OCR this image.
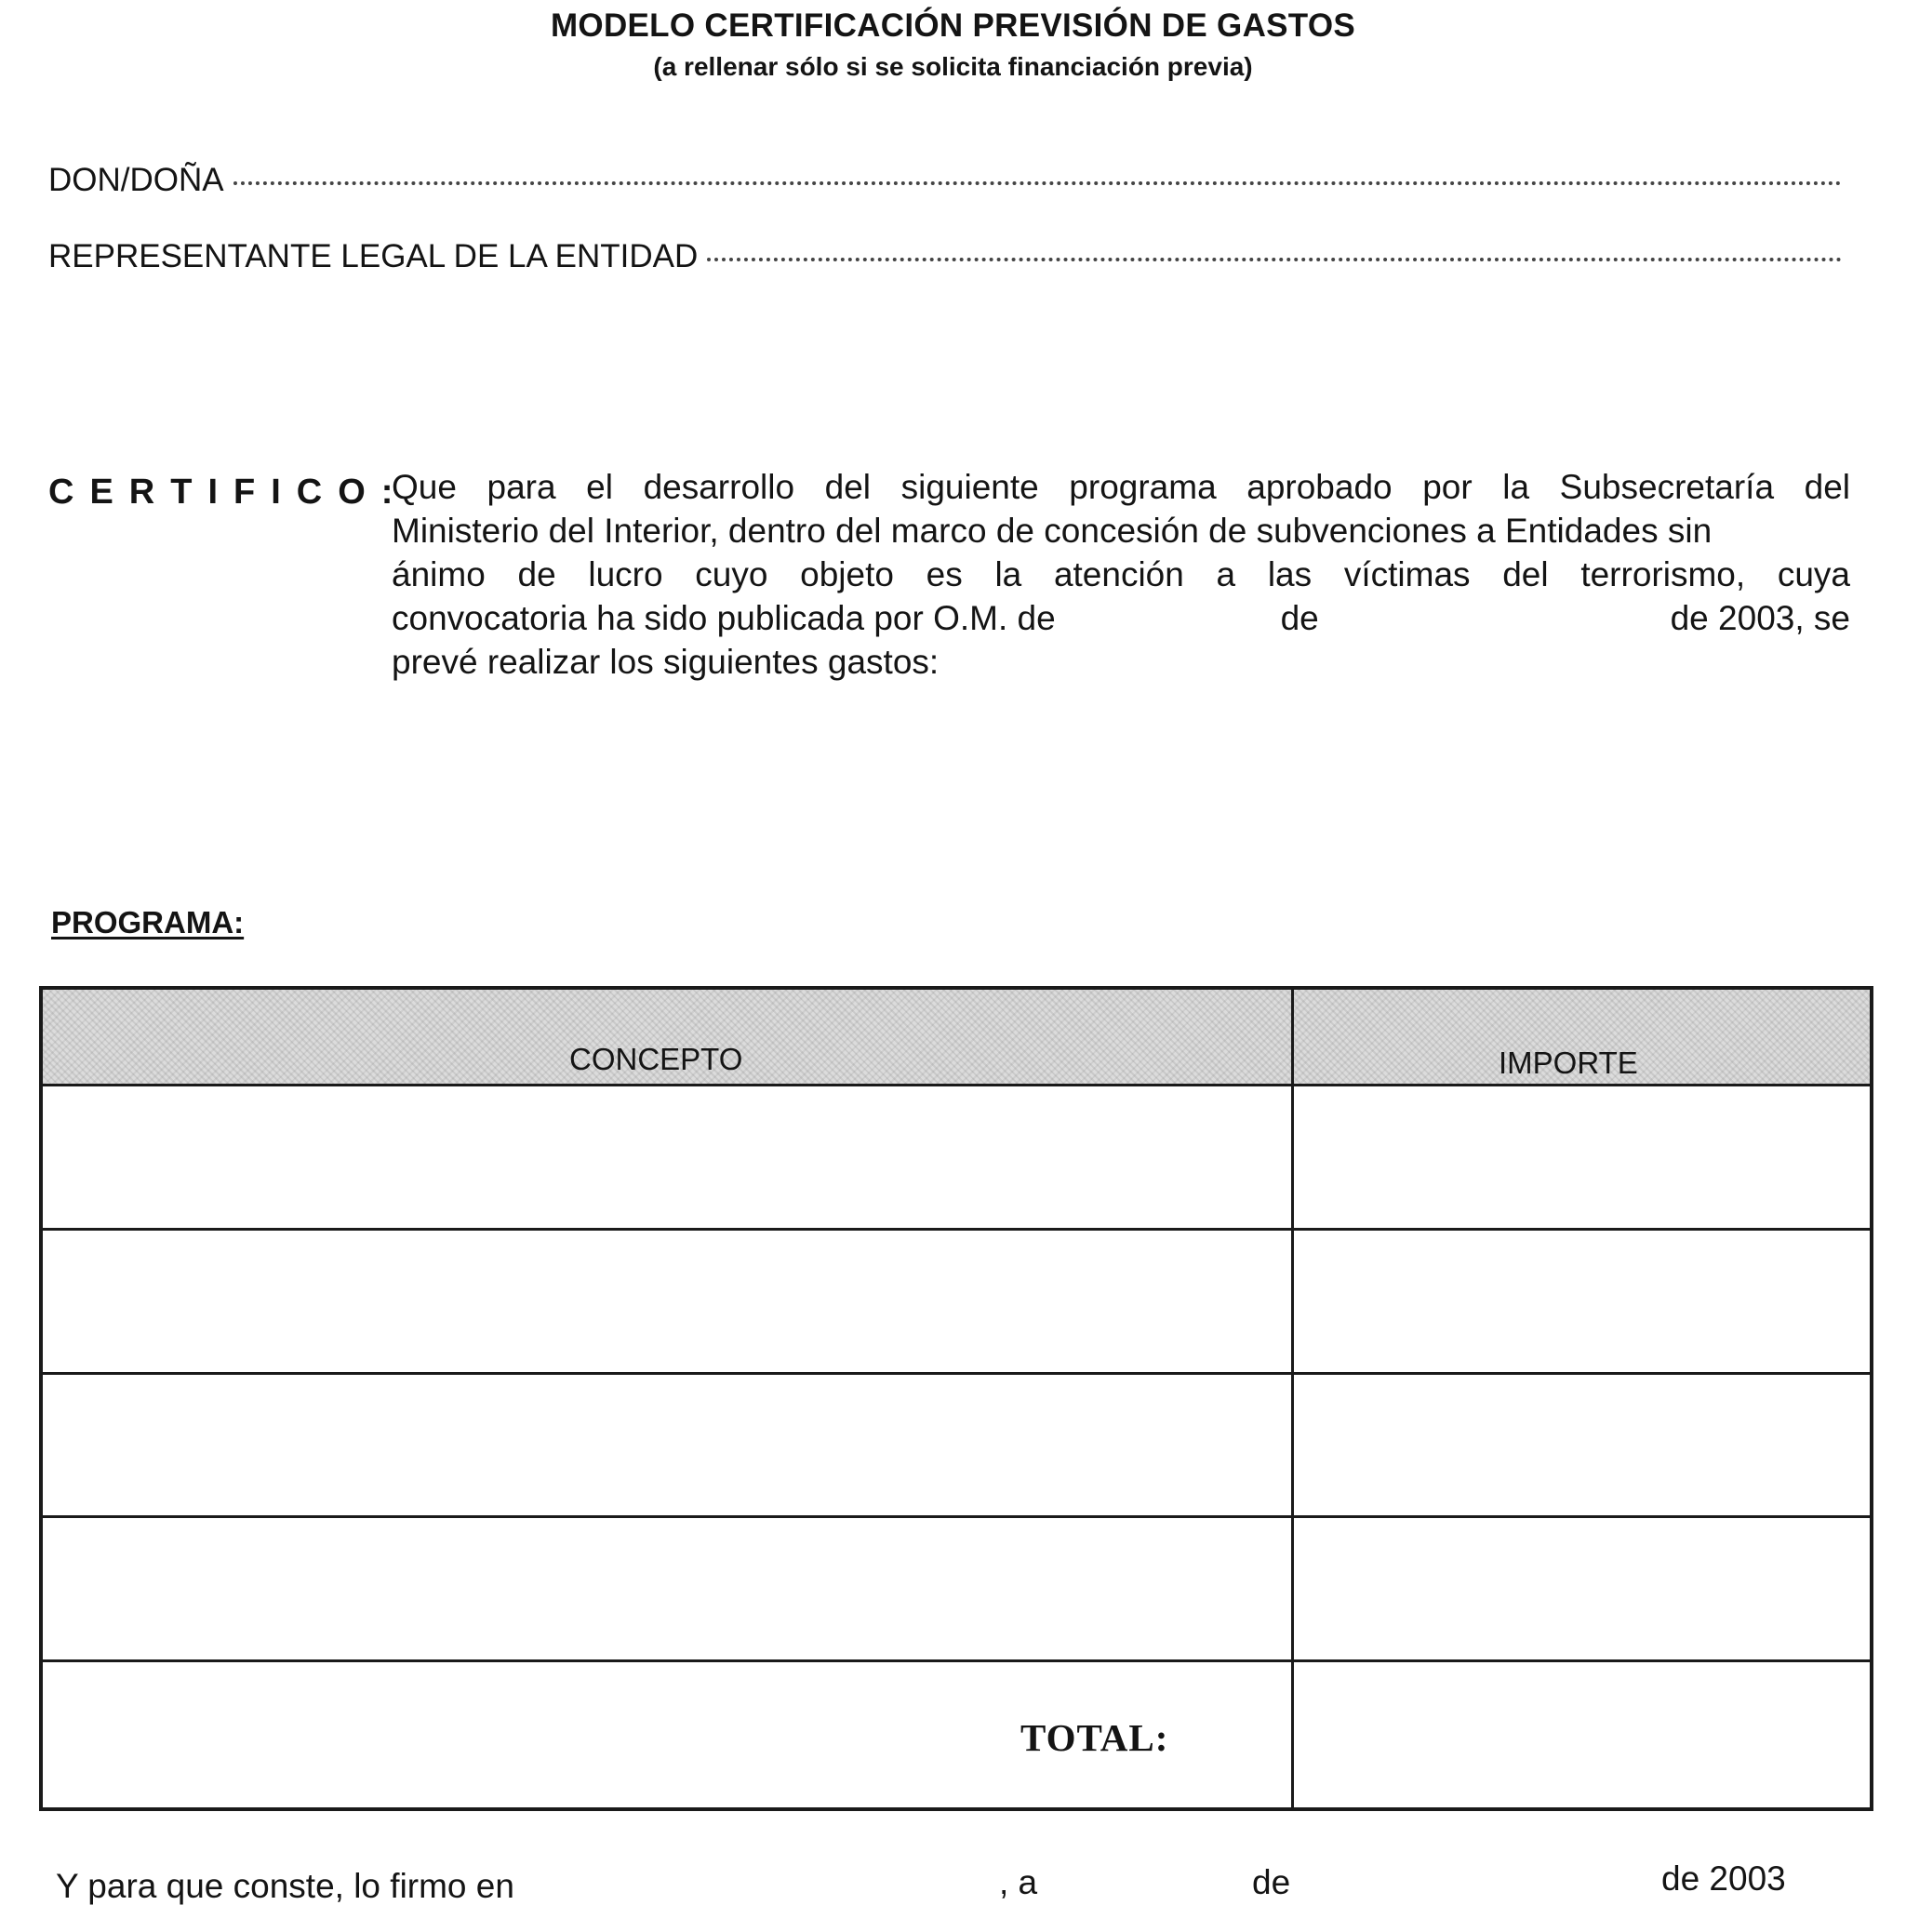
MODELO CERTIFICACIÓN PREVISIÓN DE GASTOS
(a rellenar sólo si se solicita financiación previa)
DON/DOÑA
REPRESENTANTE LEGAL DE LA ENTIDAD
CERTIFICO:
Que para el desarrollo del siguiente programa aprobado por la Subsecretaría del
Ministerio del Interior, dentro del marco de concesión de subvenciones a Entidades sin
ánimo de lucro cuyo objeto es la atención a las víctimas del terrorismo, cuya
convocatoria ha sido publicada por O.M. de	de	de 2003, se
prevé realizar los siguientes gastos:
PROGRAMA:
CONCEPTO	IMPORTE
TOTAL:
Y para que conste, lo firmo en	, a	de	de 2003
